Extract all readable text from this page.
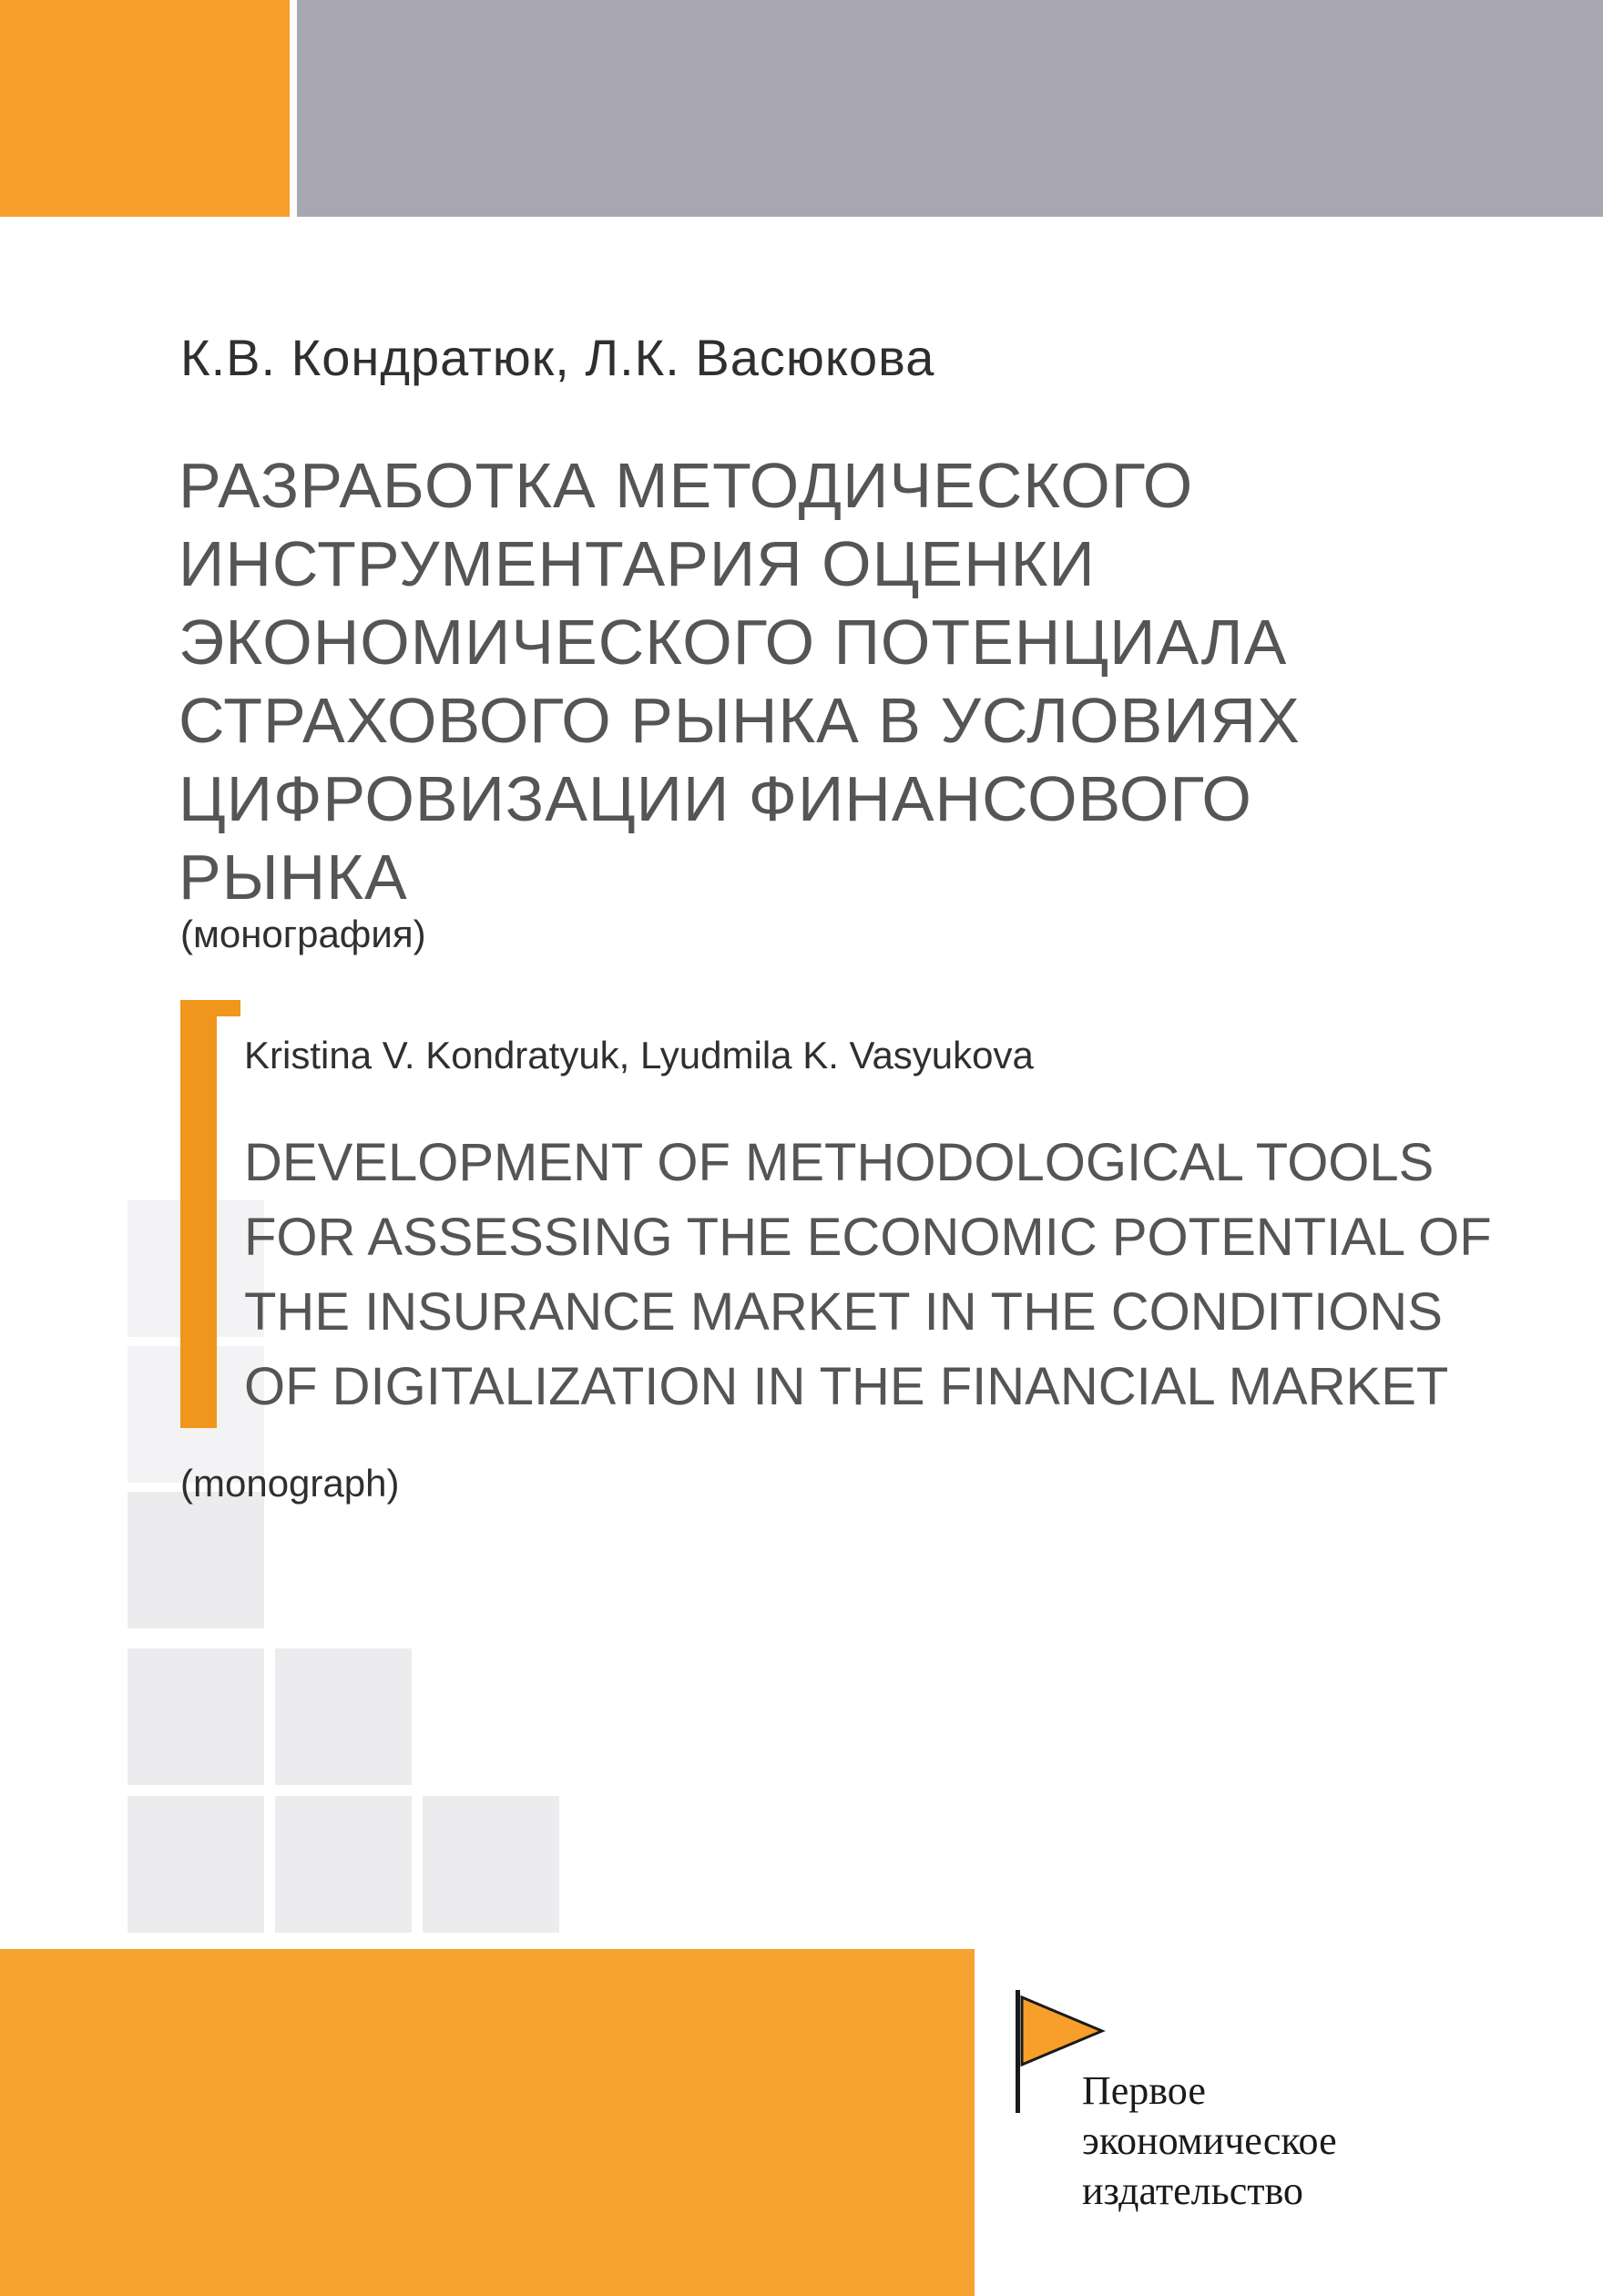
К.В. Кондратюк, Л.К. Васюкова
РАЗРАБОТКА МЕТОДИЧЕСКОГО
ИНСТРУМЕНТАРИЯ ОЦЕНКИ
ЭКОНОМИЧЕСКОГО ПОТЕНЦИАЛА
СТРАХОВОГО РЫНКА В УСЛОВИЯХ
ЦИФРОВИЗАЦИИ ФИНАНСОВОГО РЫНКА
(монография)
Kristina V. Kondratyuk, Lyudmila K. Vasyukova
DEVELOPMENT OF METHODOLOGICAL TOOLS
FOR ASSESSING THE ECONOMIC POTENTIAL OF
THE INSURANCE MARKET IN THE CONDITIONS
OF DIGITALIZATION IN THE FINANCIAL MARKET
(monograph)
Первое
экономическое
издательство
